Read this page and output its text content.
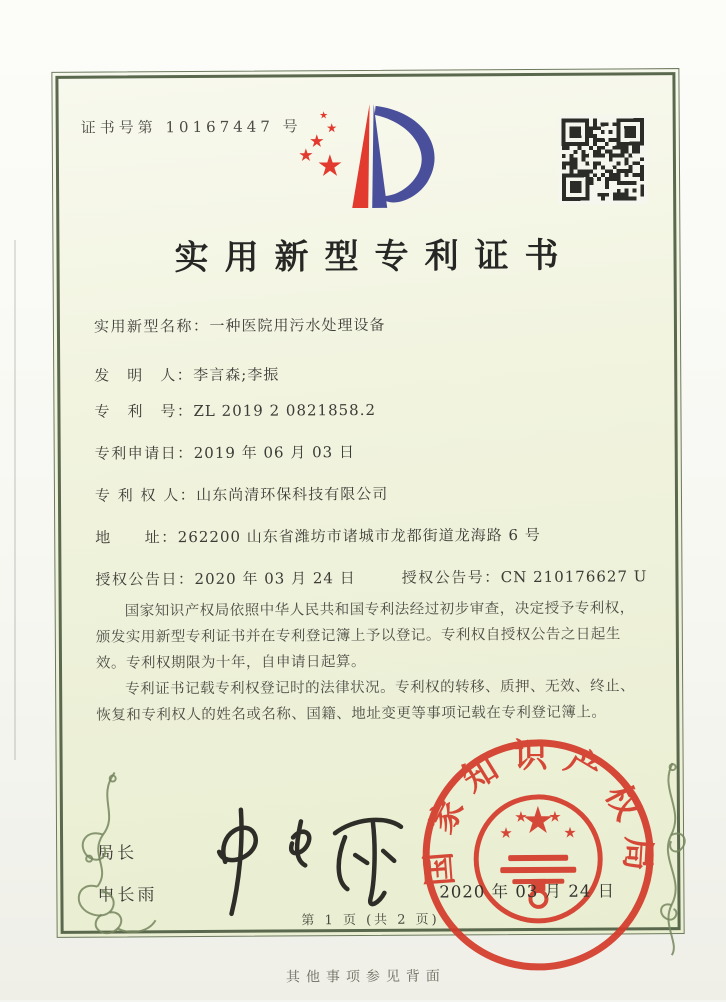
证书号第 10167447 号
实用新型专利证书
实用新型名称：一种医院用污水处理设备
发　明　人：李言森;李振
专　利　号：ZL 2019 2 0821858.2
专利申请日：2019 年 06 月 03 日
专 利 权 人：山东尚清环保科技有限公司
地　　址：262200 山东省潍坊市诸城市龙都街道龙海路 6 号
授权公告日：2020 年 03 月 24 日	授权公告号：CN 210176627 U

国家知识产权局依照中华人民共和国专利法经过初步审查，决定授予专利权，颁发实用新型专利证书并在专利登记簿上予以登记。专利权自授权公告之日起生效。专利权期限为十年，自申请日起算。

专利证书记载专利权登记时的法律状况。专利权的转移、质押、无效、终止、恢复和专利权人的姓名或名称、国籍、地址变更等事项记载在专利登记簿上。

局长
申长雨
国家知识产权局
2020 年 03 月 24 日
第 1 页 (共 2 页)
其他事项参见背面
